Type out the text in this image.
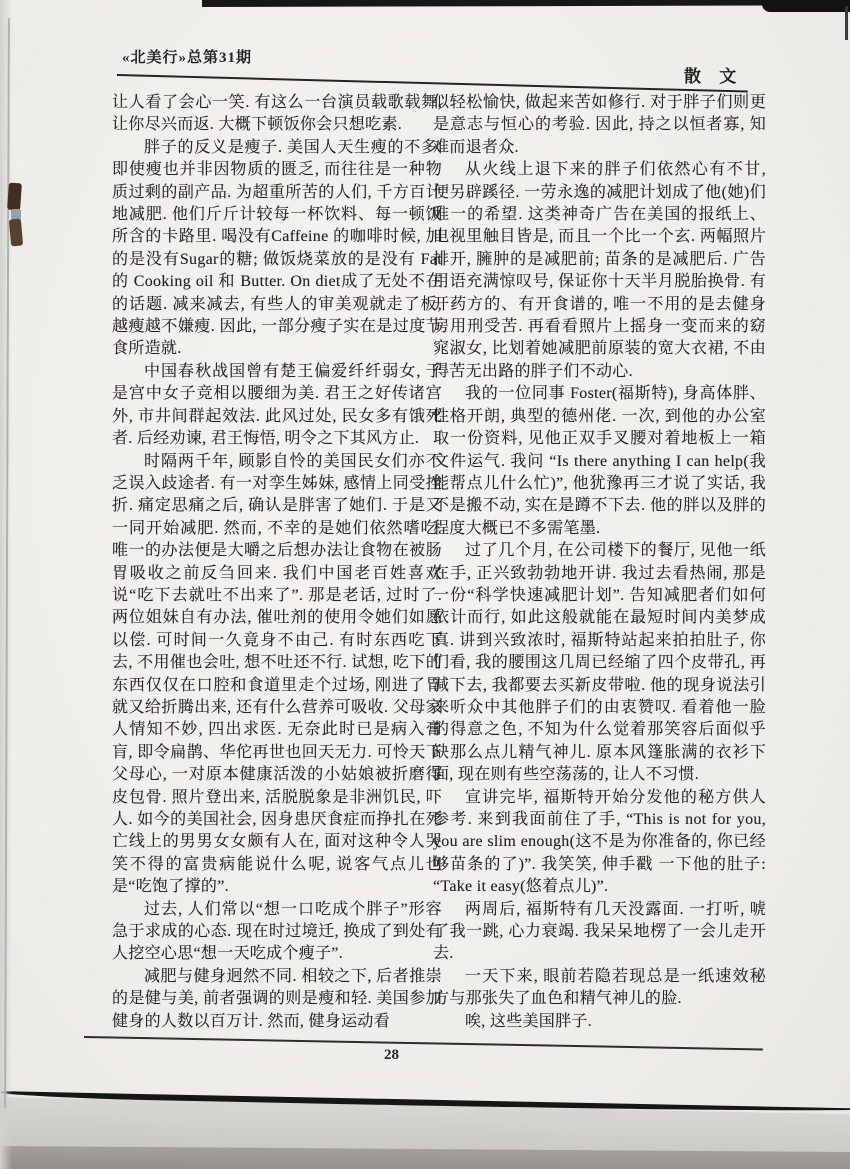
«北美行»总第31期
散 文

让人看了会心一笑. 有这么一台演员载歌载舞, 让你尽兴而返. 大概下顿饭你会只想吃素.

胖子的反义是瘦子. 美国人天生瘦的不多. 即使瘦也并非因物质的匮乏, 而往往是一种物质过剩的副产品. 为超重所苦的人们, 千方百计地减肥. 他们斤斤计较每一杯饮料、每一顿饭所含的卡路里. 喝没有Caffeine 的咖啡时候, 加的是没有Sugar的糖; 做饭烧菜放的是没有 Fat 的 Cooking oil 和 Butter. On diet成了无处不在的话题. 减来减去, 有些人的审美观就走了板, 越瘦越不嫌瘦. 因此, 一部分瘦子实在是过度节食所造就.

中国春秋战国曾有楚王偏爱纤纤弱女, 于是宫中女子竞相以腰细为美. 君王之好传诸宫外, 市井间群起效法. 此风过处, 民女多有饿死者. 后经劝谏, 君王悔悟, 明令之下其风方止.

时隔两千年, 顾影自怜的美国民女们亦不乏误入歧途者. 有一对孪生姊妹, 感情上同受挫折. 痛定思痛之后, 确认是胖害了她们. 于是又一同开始减肥. 然而, 不幸的是她们依然嗜吃. 唯一的办法便是大嚼之后想办法让食物在被肠胃吸收之前反刍回来. 我们中国老百姓喜欢说“吃下去就吐不出来了”. 那是老话, 过时了. 两位姐妹自有办法, 催吐剂的使用令她们如愿以偿. 可时间一久竟身不由己. 有时东西吃下去, 不用催也会吐, 想不吐还不行. 试想, 吃下的东西仅仅在口腔和食道里走个过场, 刚进了胃就又给折腾出来, 还有什么营养可吸收. 父母家人情知不妙, 四出求医. 无奈此时已是病入膏肓, 即令扁鹊、华佗再世也回天无力. 可怜天下父母心, 一对原本健康活泼的小姑娘被折磨得皮包骨. 照片登出来, 活脱脱象是非洲饥民, 吓人. 如今的美国社会, 因身患厌食症而挣扎在死亡线上的男男女女颇有人在, 面对这种令人哭笑不得的富贵病能说什么呢, 说客气点儿也是“吃饱了撑的”.

过去, 人们常以“想一口吃成个胖子”形容急于求成的心态. 现在时过境迁, 换成了到处有人挖空心思“想一天吃成个瘦子”.

减肥与健身迥然不同. 相较之下, 后者推崇的是健与美, 前者强调的则是瘦和轻. 美国参加健身的人数以百万计. 然而, 健身运动看

似轻松愉快, 做起来苦如修行. 对于胖子们则更是意志与恒心的考验. 因此, 持之以恒者寡, 知难而退者众.

从火线上退下来的胖子们依然心有不甘, 便另辟蹊径. 一劳永逸的减肥计划成了他(她)们唯一的希望. 这类神奇广告在美国的报纸上、电视里触目皆是, 而且一个比一个玄. 两幅照片排开, 臃肿的是减肥前; 苗条的是减肥后. 广告用语充满惊叹号, 保证你十天半月脱胎换骨. 有开药方的、有开食谱的, 唯一不用的是去健身房用刑受苦. 再看看照片上摇身一变而来的窈窕淑女, 比划着她减肥前原装的宽大衣裙, 不由得苦无出路的胖子们不动心.

我的一位同事 Foster(福斯特), 身高体胖、性格开朗, 典型的德州佬. 一次, 到他的办公室取一份资料, 见他正双手叉腰对着地板上一箱文件运气. 我问 “Is there anything I can help(我能帮点儿什么忙)”, 他犹豫再三才说了实话, 我不是搬不动, 实在是蹲不下去. 他的胖以及胖的程度大概已不多需笔墨.

过了几个月, 在公司楼下的餐厅, 见他一纸在手, 正兴致勃勃地开讲. 我过去看热闹, 那是一份“科学快速减肥计划”. 告知减肥者们如何依计而行, 如此这般就能在最短时间内美梦成真. 讲到兴致浓时, 福斯特站起来拍拍肚子, 你们看, 我的腰围这几周已经缩了四个皮带孔, 再减下去, 我都要去买新皮带啦. 他的现身说法引来听众中其他胖子们的由衷赞叹. 看着他一脸的得意之色, 不知为什么觉着那笑容后面似乎缺那么点儿精气神儿. 原本风篷胀满的衣衫下面, 现在则有些空荡荡的, 让人不习惯.

宣讲完毕, 福斯特开始分发他的秘方供人参考. 来到我面前住了手, “This is not for you, you are slim enough(这不是为你准备的, 你已经够苗条的了)”. 我笑笑, 伸手戳 一下他的肚子: “Take it easy(悠着点儿)”.

两周后, 福斯特有几天没露面. 一打听, 唬了我一跳, 心力衰竭. 我呆呆地楞了一会儿走开去.

一天下来, 眼前若隐若现总是一纸速效秘方与那张失了血色和精气神儿的脸.

唉, 这些美国胖子.

28
